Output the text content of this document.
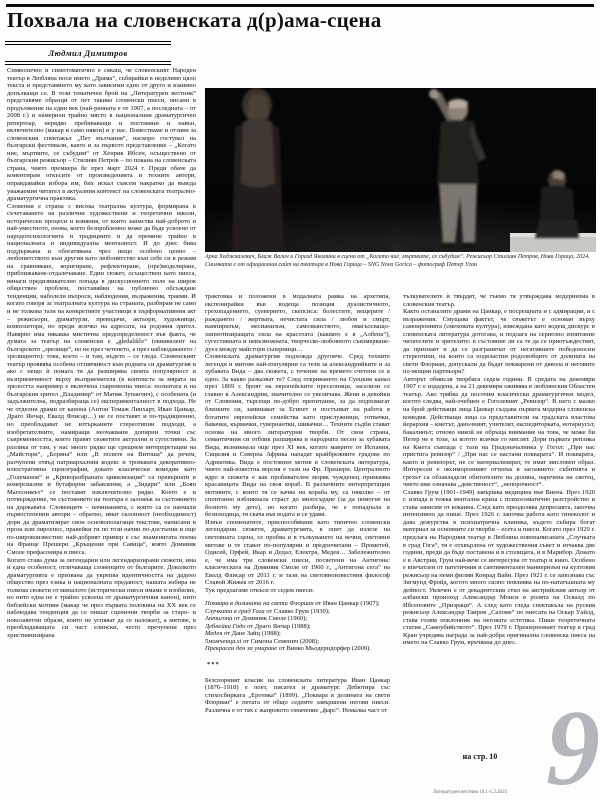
Похвала на словенската д(р)ама-сцена
Людмил Димитров

Символично и симптоматично е сякаш, че словенският Народен театър в Любляна носи името „Драма“, събирайки в неделимо цяло текста и представянето му като зависими едно от друго и взаимно допълващи се. В този тематичен брой на „Литературен вестник“ представяме образци от пет такива словенски пиеси, писани в продължение на един век (най-ранната е от 1907, а последната – от 2008 г.) и намерили трайно място в националния драматургичен репертоар, нерядко пребиваващи и поставяни и навън, включително (макар и само някои) и у нас. Поместваме и отзиви за словенския спектакъл „Пет мълчания“, наскоро гостувал на български фестивали, както и за първото представление – „Когато ние, мъртвите, се събудим“ от Хенрик Ибсен, осъществено от българския режисьор – Стилиян Петров – по покана на словенската страна, чиято премиера бе през март 2024 г. Преди обаче да коментирам откъсите от произведенията и техните автори, оправдавайки избора им, бих искал съвсем накратко да въведа уважаемия читател в актуалния контекст на словенската театрално-драматургична практика.

Словения е страна с висока театрална култура, формирана в съчетаването на различни художествени и теоретични школи, исторически процеси и влияния, от които заимства най-доброто и най-уместното, онова, което безпроблемно може да бъде усвоено от народопсихологията и традициите и да премине трайно в националната и индивидуална менталност. И до днес бива поддържана и обогатявана чрез нещо особено ценно – любопитството към другия като любопитство към себе си в режим на сравняване, коригиране, рефлектиране, (пре)моделиране, приближаване-отдалечаване. Един сюжет, осъществен като пиеса, винаги предизвикателно попада в дискусионното поле на широк обществен проблем, поставяйки на публично обсъждане тенденции, наболели въпроси, наблюдения, възражения, травми. И когато говоря за театралната култура на страната, разбирам не само и не толкова тази на конкретните участници в пърформативния акт – режисьори, драматурзи, преводачи, актьори, художници, композитори, но преди всичко на адресата, на родовия зрител. Навярно има някаква мистична предопределеност във факта, че думата за театър на словенски е „gledališče“ (еквивалент на българското „зрелище“, но не през четенето, а през наблюдаването / зрелищното): това, което – и там, където – се гледа. Словенският театър проявява особена отзивчивост към родната си драматургия и ако с нещо ѝ помага тя да разширява своята популярност и възприемчивост върху възприемателя (в контекста за мярата на зрелостта например е включена съвременна пиеса: познатата и на българския зрител „Владимир“ от Матяж Зупанчич), с особената (и задължителна, подразбираща се) експерименталност в подхода. Не че отделни драми от канона (Антон Томаж Линхарт, Иван Цанкар, Драго Янчар, Евалд Флисар…) не се поставят и по-традиционно, но преобладават не изтърканите стереотипни подходи, а изобретателните, намиращи неочаквани допирни точки със съвременността, които правят сюжетите актуални и сугестивни. За разлика от там, у нас много рядко ще срещнем интерпретации на „Майстори“, „Боряна“ или „В полите на Витоша“ да речем, разчупени отвъд патриархалния кодекс и тромавата декоративно-илюстративна сценография, докато класически комедии като „Големанов“ и „Криворазбраната цивилизация“ са превърнати в комерсиални и бутафорни забавления, а „Зидари“ или „Боян Магесникът“ се поставят изключително рядко. Което е и потвърждение, че състоянието на театъра е заложък за състоянието на държавата. Словенците – начинанията, с които са се наемали първостепенни автори – обратно, имат склонност (необходимост) дори да драматизират свои основополагащи текстове, написани в проза или лироепос, правейки ги по този начин по-достъпни и още по-широкоизвестни: най-добрият пример е със знаменитата поема на Франце Прешерн „Кръщение при Савица“, която Доминик Смоле префасонира в пиеса.

Когато става дума за легендарни или легендаризирани сюжети, има и една особеност, отличаваща словенците от българите. Доколкото драматургията е призвана да укрепва идентичността на дадено общество през езика и националната преданост, нашата избира не толкова сюжети от миналото (исторически пиеси имаме в изобилие, но нито една не е трайно усвоена от драматургичния канон), нито библейски мотиви (макар че през първата половина на XX век се наблюдава тенденция да се пишат сценични творби за старо- и новозаветни образи, които не успяват да се наложат), а митове, в преобладаващата си част елински, често пречупени през християнизирана

Арна Хаджиалевич, Блаж Валич и Горазд Якомини в сцена от „Когато ние, мъртвите, се събудим“. Режисьор Стилиян Петров, Нова Горица, 2024. Снимката е от официалния сайт на театъра в Нова Горица – SNG Nova Gorica – фотограф Петер Уган

трактовка и положени в модалната рамка на архетипа, експонирайки във водеща позиция дуалистичното, грехопадението, суеверието, скепсиса: болестите, вещерите / раждането / жертвата, нечистата сила / любов и смърт, вампиризъм, месианизъм, самозванството, омагьосващо-хипнотизиращата сила на красотата (каквато е в „Албена“), сугестивната и невъзможната, творческо-любовното съизмерване-дуел между майстори съперници…

Словенската драматургия подхожда другояче. Сред техните легенди и митове най-популярни са тези за александрийките и за хубавата Вида – два сюжета, с течение на времето счетени се в едно. За какво разказват те? След откриването на Суецкия канал през 1869 г. броят на европейските преселници, заселили се главно в Александрия, значително се увеличава. Жени и девойки от Словения, търсещи по-добро препитание, за да подпомагат близките си, заминават за Египет и постъпват на работа в богатите европейски семейства като прислужници, готвачки, бавачки, кърмачки, гувернантки, шивачки… Техните съдби стават основа на много литературни творби. От своя страна, семантичния си отблик разширява и народната песен за хубавата Вида, възникнала още през XI век, когато маврите от Испания, Сицилия и Северна Африка нападат крайбрежните градове по Адриатика. Вида е постоянен мотив в словенската литература, чиято най-известна версия е тази на Фр. Прешерн. Централното ядро в сюжета е как пробивателен моряк чужденец примамва красавицата Вида на своя кораб. В различните интерпретации мотивите, с които тя се качва на кораба му, са няколко – от спонтанно избликнала страст до милосърдие (за да помогне на болното му дете), но когато разбира, че е попаднала в безизходица, тя скача във водата и се удавя.

Извън споменатите, приспособявани като типично словенски легендарни сюжети, драматургията, в опит да излезе на световната сцена, се пробва и в тълкуването на вечни, световни митове и те стават по-популярни и предпочитани – Прометей, Одисей, Орфей, Икар и Дедал, Електра, Медея… Забележително е, че има три словенски пиеси, посветени на Антигона: класическата на Доминик Смоле от 1960 г., „Антигона сега“ на Евалд Флисар от 2011 г. и тази на световноизвестния философ Славой Жижек от 2016 г.

Тук предлагаме откъси от седем пиеси:

Поквара в долината на свети Флориан от Иван Цанкар (1907);
Случката в град Гога от Славко Грум (1930);
Антигона от Доминик Смоле (1960);
Дебнейки Годо от Драго Янчар (1988);
Медея от Дане Зайц (1988);
5момченца.si от Симона Семенич (2008);
Прекрасен ден за умиране от Винко Мьодерндорфер (2009).
***

Безспорният класик на словенската литература Иван Цанкар (1876–1918) е поет, писател и драматург. Дебютира със стихосбирката „Еротика“ (1899). „Поквара в долината на свети Флориан“ е петата от общо седемте завършени негови пиеси. Различна е от тях с жанровото означение „фарс“. Немалка част от

тълкувателите ѝ твърдят, че тъкмо тя утвърждава модернизма в словенския театър.

Както останалите драми на Цанкар, е посрещната и с адмирации, и с възражения. Смущава фактът, че сюжетът е основан върху самоиронията (смеховата култура), извеждана като водещ дискурс в словенската литература дотогава, и подлага на сериозно изпитание читателите и зрителите: в състояние ли са те да се приотъждествят, да признаят и да се разграничат от негативните победоносни стереотипи, на които са подвластни родолюбците от долината на свети Флориан, допускали да бъдат покварени от дявола и неговите по-мощни партньори?

Авторът обмисля творбата седем години. В средата на декември 1907 г. е издадена, а на 21 декември оживява в люблянския Областен театър. Ако трябва да посочим класически драматургичен модел, когото следва, най-очебиен е Гоголевият „Ревизор“. В него с малко на брой действащи лица Цанкар създава първата модерна словенска комедия. Действащи лица са представители на градската властова йерархия – кметът, данъчният, учителят, експедиторката, нотариусът, бакалинът; отново никой не обръща внимание на това, че може би Петер не е този, за когото всички го мислят. Дори първата реплика на Кмета съвпада с тази на Градоначалника у Гогол: „При нас пристига ревизор“ / „При нас се настани покварата“. И покварата, както и ревизорът, не се материализират, те имат мисловен образ. Интересен е оксиморонният оттенък в заглавието: събитията и грехът са обзавладели обитателите на долина, наречена на светец, чието име означава „девственост“, „непорочност“.

Славко Грум (1901–1949) завършва медицина във Виена. През 1920 г. изпада в тежка ментална криза с психосоматично разстройство и става зависим от кокаина. След като преодолява депресията, започва интензивно да пише. През 1926 г. започва работа като гинеколог и дава дежурства в психиатрична клиника, където събира богат материал за основните си творби – есета и пиеси. Когато през 1929 г. предлага на Народния театър в Любляна новонаписаната „Случката в град Гога“, тя е отхвърлена от художествения съвет и изчаква две години, преди да бъде поставена и в столицата, и в Марибор. Докато е в Австрия, Грум най-вече се интересува от театър и кино. Особено е впечатлен от патетичния и сантиментален маниеризъм на култовия режисьор на неми филми Конрад Вайн. През 1921 г. се запознава със Зигмунд Фройд, когото много силно повлиява на по-нататъшната му дейност. Увлечен е от декадентския стил на австрийския актьор от албански произход Александър Моиси в ролята на Освалд по Ибсеновите „Призраци“. А след като гледа спектакъла на руския режисьор Александър Таиров „Саломе“ по пиесата на Оскар Уайлд, става голям поклонник на неговата естетика. Пише теоретичната статия „Самоубийството“. През 1979 г. Прешерновият театър в град Кран учредява награда за най-добра оригинална словенска пиеса на името на Славко Грум, връчвана до днес.

на стр. 10 9
Литературен вестник 19.1-1.2.2025
